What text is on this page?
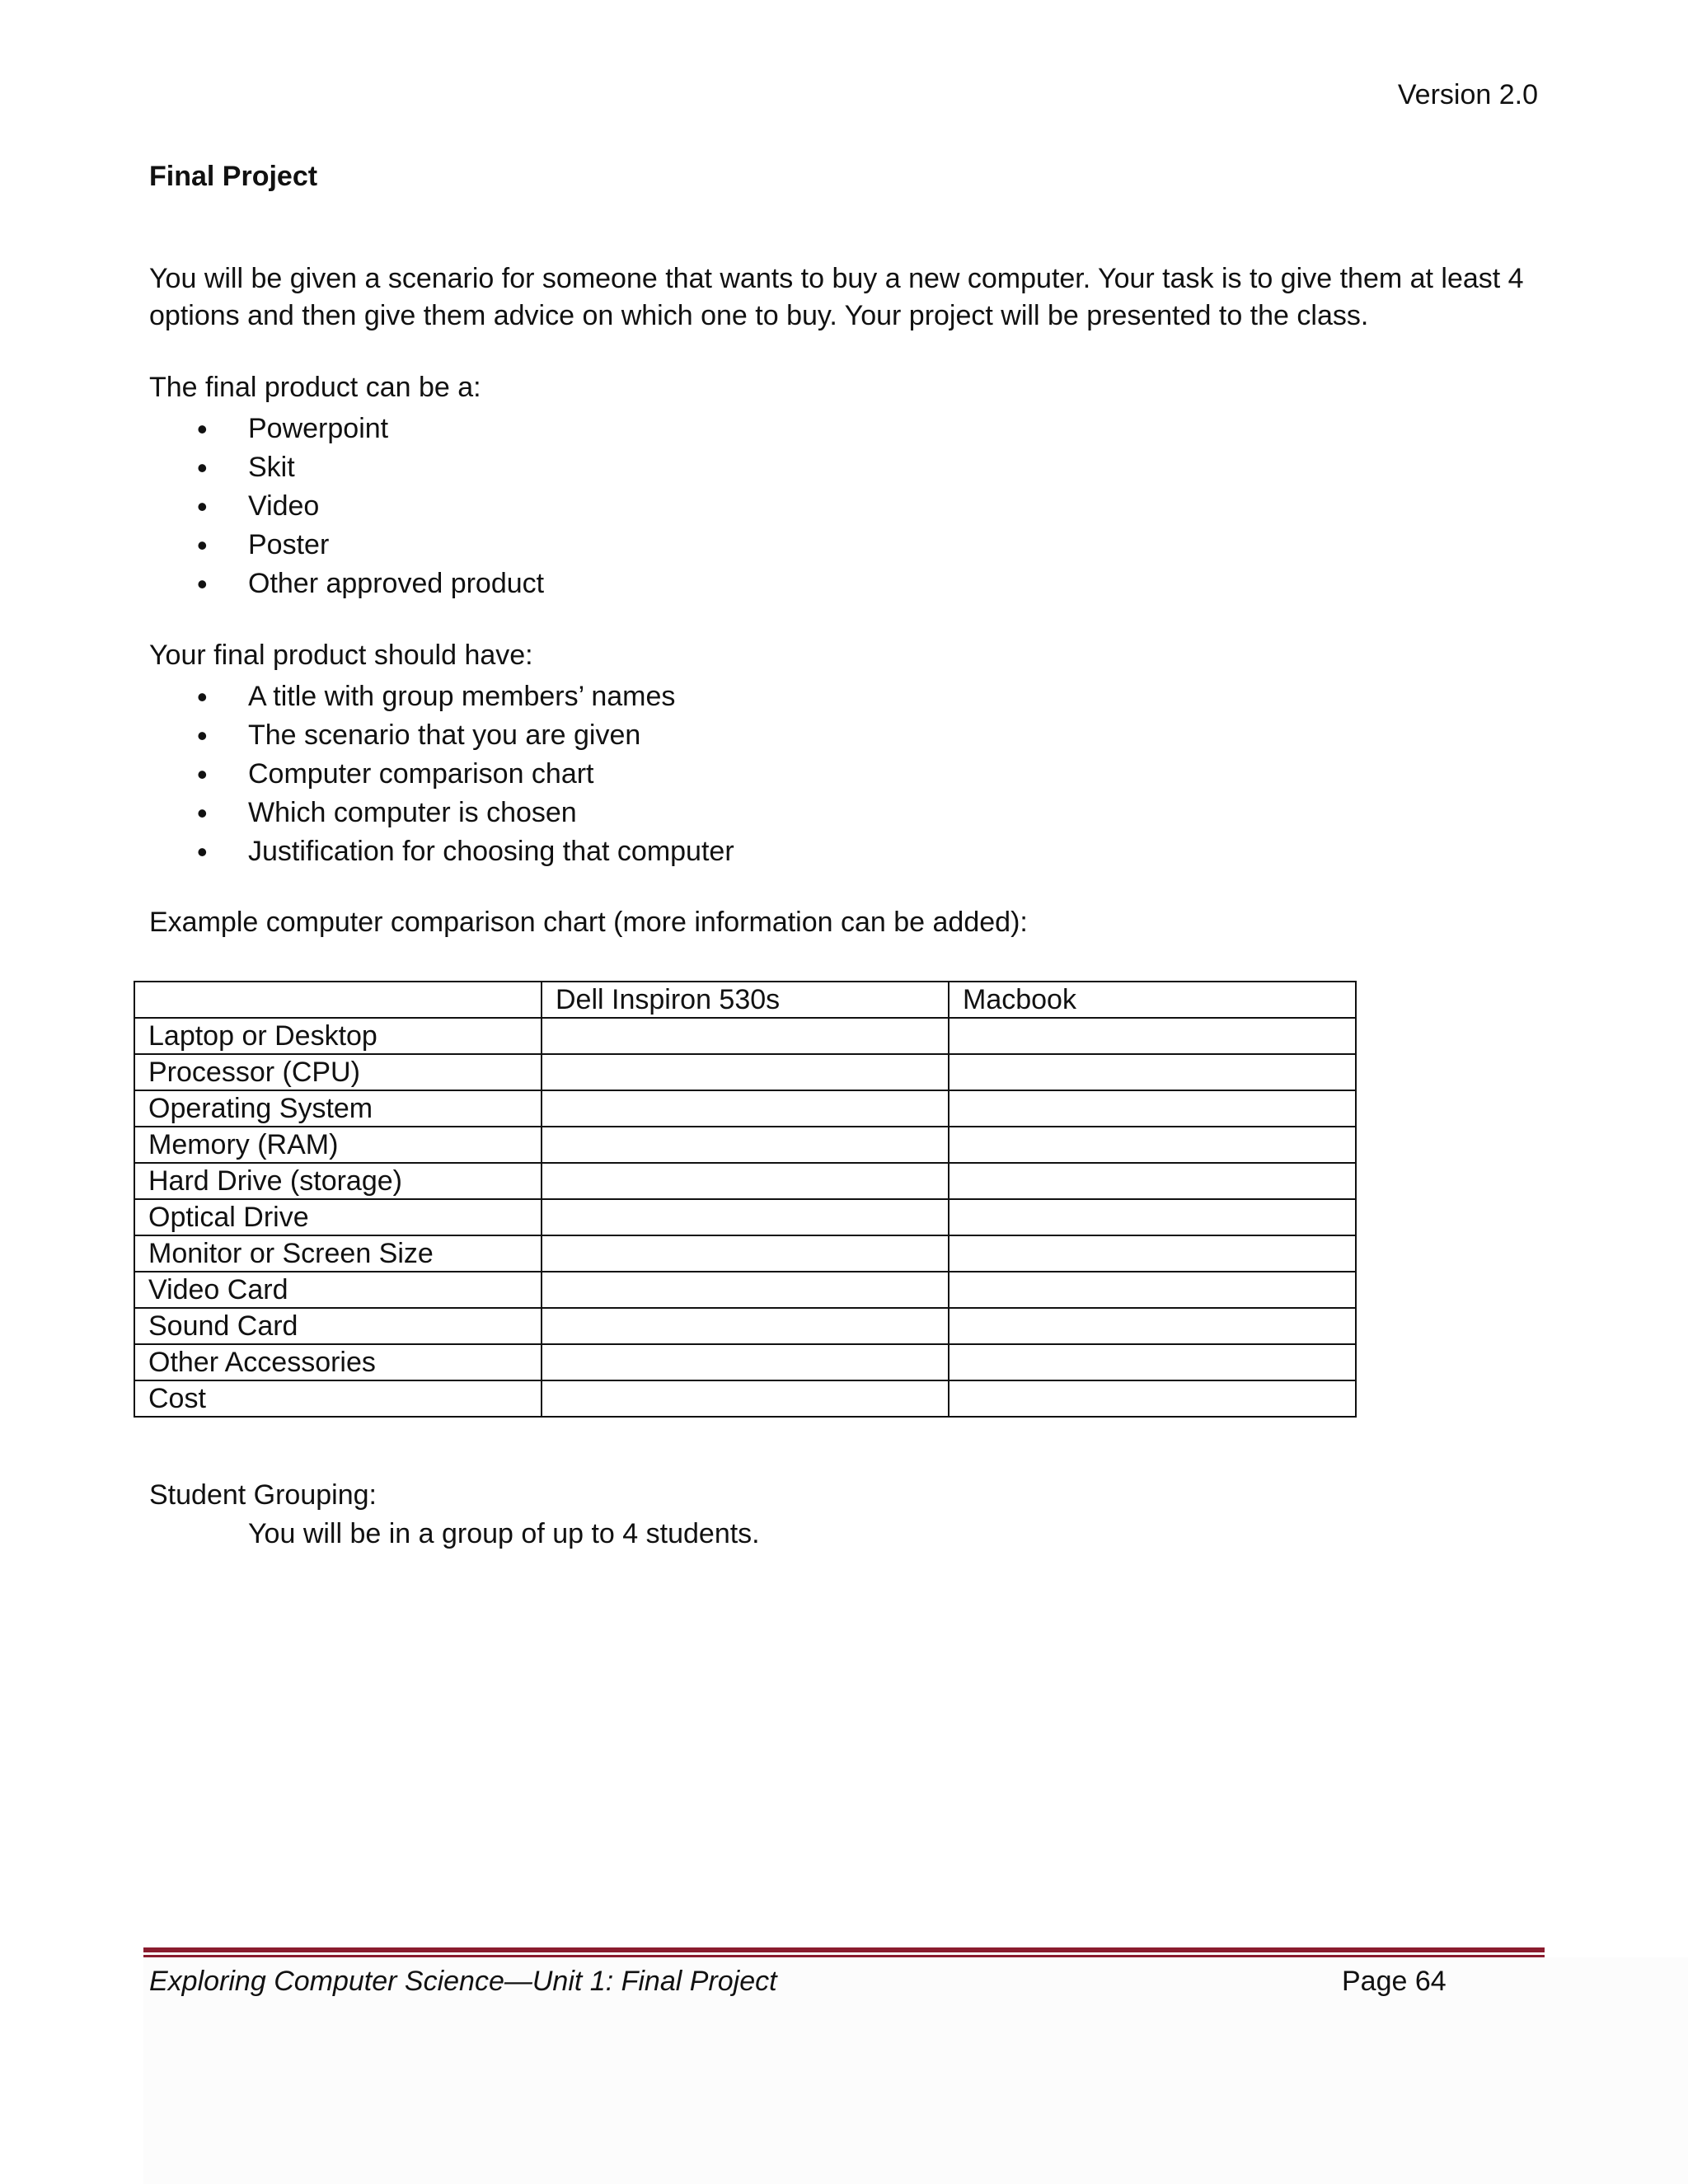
Version 2.0
Final Project
You will be given a scenario for someone that wants to buy a new computer. Your task is to give them at least 4 options and then give them advice on which one to buy. Your project will be presented to the class.
The final product can be a:
• Powerpoint
• Skit
• Video
• Poster
• Other approved product
Your final product should have:
• A title with group members’ names
• The scenario that you are given
• Computer comparison chart
• Which computer is chosen
• Justification for choosing that computer
Example computer comparison chart (more information can be added):
	Dell Inspiron 530s	Macbook
Laptop or Desktop		
Processor (CPU)		
Operating System		
Memory (RAM)		
Hard Drive (storage)		
Optical Drive		
Monitor or Screen Size		
Video Card		
Sound Card		
Other Accessories		
Cost		
Student Grouping:
You will be in a group of up to 4 students.
Exploring Computer Science—Unit 1: Final Project	Page 64
